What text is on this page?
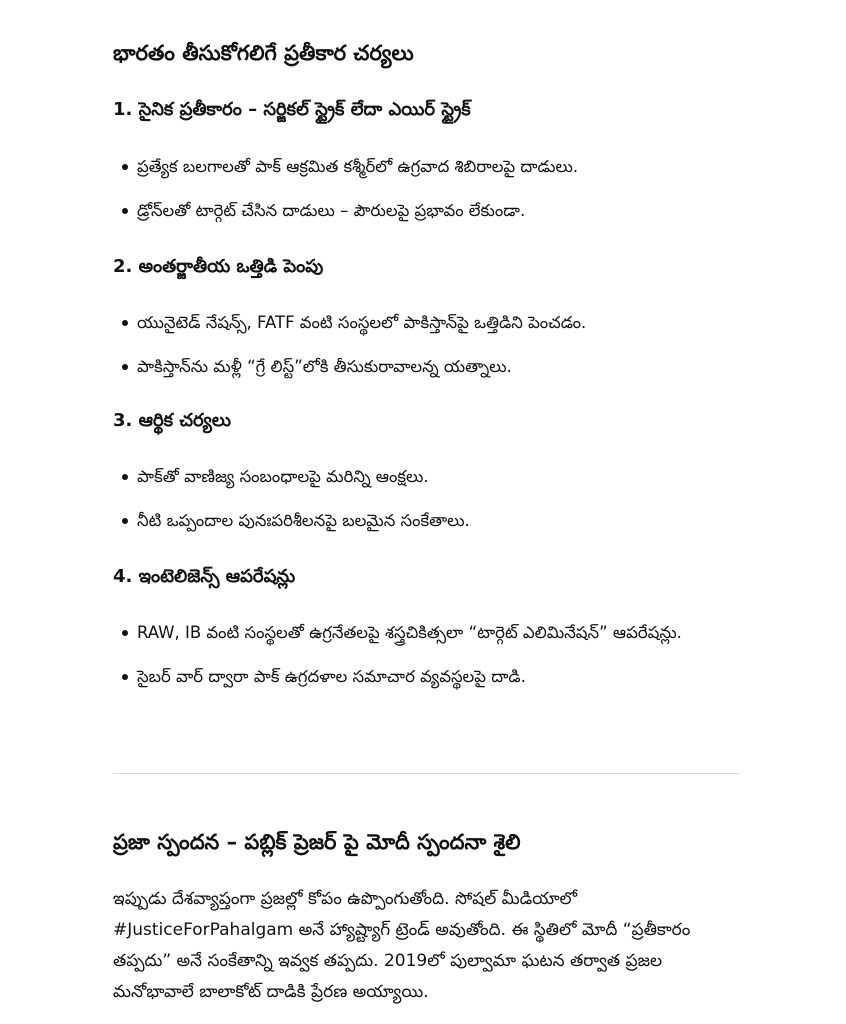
భారతం తీసుకోగలిగే ప్రతీకార చర్యలు
1. సైనిక ప్రతీకారం – సర్జికల్ స్ట్రైక్ లేదా ఎయిర్ స్ట్రైక్
ప్రత్యేక బలగాలతో పాక్ ఆక్రమిత కశ్మీర్‌లో ఉగ్రవాద శిబిరాలపై దాడులు.
డ్రోన్‌లతో టార్గెట్ చేసిన దాడులు – పౌరులపై ప్రభావం లేకుండా.
2. అంతర్జాతీయ ఒత్తిడి పెంపు
యునైటెడ్ నేషన్స్, FATF వంటి సంస్థలలో పాకిస్తాన్‌పై ఒత్తిడిని పెంచడం.
పాకిస్తాన్‌ను మళ్లీ “గ్రే లిస్ట్”లోకి తీసుకురావాలన్న యత్నాలు.
3. ఆర్థిక చర్యలు
పాక్‌తో వాణిజ్య సంబంధాలపై మరిన్ని ఆంక్షలు.
నీటి ఒప్పందాల పునఃపరిశీలనపై బలమైన సంకేతాలు.
4. ఇంటెలిజెన్స్ ఆపరేషన్లు
RAW, IB వంటి సంస్థలతో ఉగ్రనేతలపై శస్త్రచికిత్సలా “టార్గెట్ ఎలిమినేషన్” ఆపరేషన్లు.
సైబర్ వార్ ద్వారా పాక్ ఉగ్రదళాల సమాచార వ్యవస్థలపై దాడి.
ప్రజా స్పందన – పబ్లిక్ ప్రెజర్ పై మోదీ స్పందనా శైలి

ఇప్పుడు దేశవ్యాప్తంగా ప్రజల్లో కోపం ఉప్పొంగుతోంది. సోషల్ మీడియాలో #JusticeForPahalgam అనే హ్యాష్ట్యాగ్ ట్రెండ్ అవుతోంది. ఈ స్థితిలో మోదీ “ప్రతీకారం తప్పదు” అనే సంకేతాన్ని ఇవ్వక తప్పదు. 2019లో పుల్వామా ఘటన తర్వాత ప్రజల మనోభావాలే బాలాకోట్ దాడికి ప్రేరణ అయ్యాయి.
